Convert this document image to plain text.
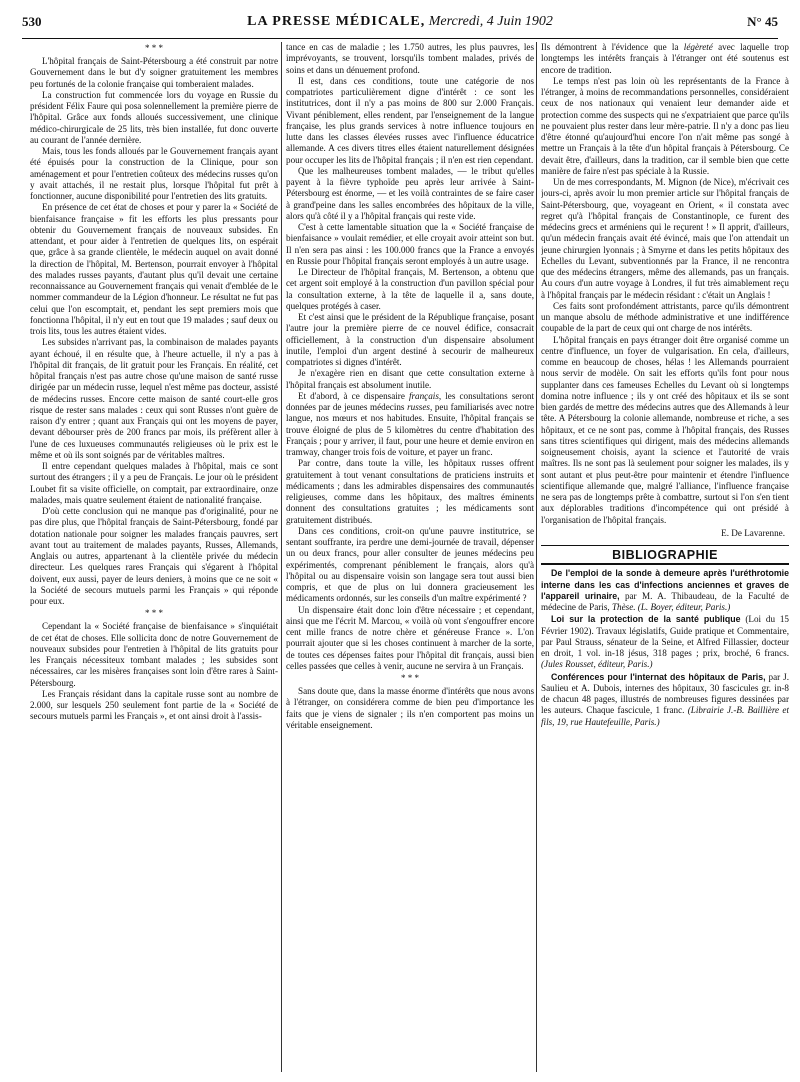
530	LA PRESSE MÉDICALE, Mercredi, 4 Juin 1902	N° 45
* * *

L'hôpital français de Saint-Pétersbourg a été construit par notre Gouvernement dans le but d'y soigner gratuitement les membres peu fortunés de la colonie française qui tomberaient malades.

La construction fut commencée lors du voyage en Russie du président Félix Faure qui posa solennellement la première pierre de l'hôpital. Grâce aux fonds alloués successivement, une clinique médico-chirurgicale de 25 lits, très bien installée, fut donc ouverte au courant de l'année dernière.

Mais, tous les fonds alloués par le Gouvernement français ayant été épuisés pour la construction de la Clinique, pour son aménagement et pour l'entretien coûteux des médecins russes qu'on y avait attachés, il ne restait plus, lorsque l'hôpital fut prêt à fonctionner, aucune disponibilité pour l'entretien des lits gratuits.

En présence de cet état de choses et pour y parer la « Société de bienfaisance française » fit les efforts les plus pressants pour obtenir du Gouvernement français de nouveaux subsides. En attendant, et pour aider à l'entretien de quelques lits, on espérait que, grâce à sa grande clientèle, le médecin auquel on avait donné la direction de l'hôpital, M. Bertenson, pourrait envoyer à l'hôpital des malades russes payants, d'autant plus qu'il devait une certaine reconnaissance au Gouvernement français qui venait d'emblée de le nommer commandeur de la Légion d'honneur. Le résultat ne fut pas celui que l'on escomptait, et, pendant les sept premiers mois que fonctionna l'hôpital, il n'y eut en tout que 19 malades ; sauf deux ou trois lits, tous les autres étaient vides.

Les subsides n'arrivant pas, la combinaison de malades payants ayant échoué, il en résulte que, à l'heure actuelle, il n'y a pas à l'hôpital dit français, de lit gratuit pour les Français. En réalité, cet hôpital français n'est pas autre chose qu'une maison de santé russe dirigée par un médecin russe, lequel n'est même pas docteur, assisté de médecins russes. Encore cette maison de santé court-elle gros risque de rester sans malades : ceux qui sont Russes n'ont guère de raison d'y entrer ; quant aux Français qui ont les moyens de payer, devant débourser près de 200 francs par mois, ils préfèrent aller à l'une de ces luxueuses communautés religieuses où le prix est le même et où ils sont soignés par de véritables maîtres.

Il entre cependant quelques malades à l'hôpital, mais ce sont surtout des étrangers ; il y a peu de Français. Le jour où le président Loubet fit sa visite officielle, on comptait, par extraordinaire, onze malades, mais quatre seulement étaient de nationalité française.

D'où cette conclusion qui ne manque pas d'originalité, pour ne pas dire plus, que l'hôpital français de Saint-Pétersbourg, fondé par dotation nationale pour soigner les malades français pauvres, sert avant tout au traitement de malades payants, Russes, Allemands, Anglais ou autres, appartenant à la clientèle privée du médecin directeur. Les quelques rares Français qui s'égarent à l'hôpital doivent, eux aussi, payer de leurs deniers, à moins que ce ne soit « la Société de secours mutuels parmi les Français » qui réponde pour eux.

* * *

Cependant la « Société française de bienfaisance » s'inquiétait de cet état de choses. Elle sollicita donc de notre Gouvernement de nouveaux subsides pour l'entretien à l'hôpital de lits gratuits pour les Français nécessiteux tombant malades ; les subsides sont nécessaires, car les misères françaises sont loin d'être rares à Saint-Pétersbourg.

Les Français résidant dans la capitale russe sont au nombre de 2.000, sur lesquels 250 seulement font partie de la « Société de secours mutuels parmi les Français », et ont ainsi droit à l'assis-

tance en cas de maladie ; les 1.750 autres, les plus pauvres, les imprévoyants, se trouvent, lorsqu'ils tombent malades, privés de soins et dans un dénuement profond.

Il est, dans ces conditions, toute une catégorie de nos compatriotes particulièrement digne d'intérêt : ce sont les institutrices, dont il n'y a pas moins de 800 sur 2.000 Français. Vivant péniblement, elles rendent, par l'enseignement de la langue française, les plus grands services à notre influence toujours en lutte dans les classes élevées russes avec l'influence éducatrice allemande. A ces divers titres elles étaient naturellement désignées pour occuper les lits de l'hôpital français ; il n'en est rien cependant.

Que les malheureuses tombent malades, — le tribut qu'elles payent à la fièvre typhoïde peu après leur arrivée à Saint-Pétersbourg est énorme, — et les voilà contraintes de se faire caser à grand'peine dans les salles encombrées des hôpitaux de la ville, alors qu'à côté il y a l'hôpital français qui reste vide.

C'est à cette lamentable situation que la « Société française de bienfaisance » voulait remédier, et elle croyait avoir atteint son but. Il n'en sera pas ainsi : les 100.000 francs que la France a envoyés en Russie pour l'hôpital français seront employés à un autre usage.

Le Directeur de l'hôpital français, M. Bertenson, a obtenu que cet argent soit employé à la construction d'un pavillon spécial pour la consultation externe, à la tête de laquelle il a, sans doute, quelques protégés à caser.

Et c'est ainsi que le président de la République française, posant l'autre jour la première pierre de ce nouvel édifice, consacrait officiellement, à la construction d'un dispensaire absolument inutile, l'emploi d'un argent destiné à secourir de malheureux compatriotes si dignes d'intérêt.

Je n'exagère rien en disant que cette consultation externe à l'hôpital français est absolument inutile.

Et d'abord, à ce dispensaire français, les consultations seront données par de jeunes médecins russes, peu familiarisés avec notre langue, nos mœurs et nos habitudes. Ensuite, l'hôpital français se trouve éloigné de plus de 5 kilomètres du centre d'habitation des Français ; pour y arriver, il faut, pour une heure et demie environ en tramway, changer trois fois de voiture, et payer un franc.

Par contre, dans toute la ville, les hôpitaux russes offrent gratuitement à tout venant consultations de praticiens instruits et médicaments ; dans les admirables dispensaires des communautés religieuses, comme dans les hôpitaux, des maîtres éminents donnent des consultations gratuites ; les médicaments sont gratuitement distribués.

Dans ces conditions, croit-on qu'une pauvre institutrice, se sentant souffrante, ira perdre une demi-journée de travail, dépenser un ou deux francs, pour aller consulter de jeunes médecins peu expérimentés, comprenant péniblement le français, alors qu'à l'hôpital ou au dispensaire voisin son langage sera tout aussi bien compris, et que de plus on lui donnera gracieusement les médicaments ordonnés, sur les conseils d'un maître expérimenté ?

Un dispensaire était donc loin d'être nécessaire ; et cependant, ainsi que me l'écrit M. Marcou, « voilà où vont s'engouffrer encore cent mille francs de notre chère et généreuse France ». L'on pourrait ajouter que si les choses continuent à marcher de la sorte, de toutes ces dépenses faites pour l'hôpital dit français, aussi bien celles passées que celles à venir, aucune ne servira à un Français.

* * *

Sans doute que, dans la masse énorme d'intérêts que nous avons à l'étranger, on considérera comme de bien peu d'importance les faits que je viens de signaler ; ils n'en comportent pas moins un véritable enseignement.

Ils démontrent à l'évidence que la légèreté avec laquelle trop longtemps les intérêts français à l'étranger ont été soutenus est encore de tradition.

Le temps n'est pas loin où les représentants de la France à l'étranger, à moins de recommandations personnelles, considéraient ceux de nos nationaux qui venaient leur demander aide et protection comme des suspects qui ne s'expatriaient que parce qu'ils ne pouvaient plus rester dans leur mère-patrie. Il n'y a donc pas lieu d'être étonné qu'aujourd'hui encore l'on n'ait même pas songé à mettre un Français à la tête d'un hôpital français à Pétersbourg. Ce devait être, d'ailleurs, dans la tradition, car il semble bien que cette manière de faire n'est pas spéciale à la Russie.

Un de mes correspondants, M. Mignon (de Nice), m'écrivait ces jours-ci, après avoir lu mon premier article sur l'hôpital français de Saint-Pétersbourg, que, voyageant en Orient, « il constata avec regret qu'à l'hôpital français de Constantinople, ce furent des médecins grecs et arméniens qui le reçurent ! » Il apprit, d'ailleurs, qu'un médecin français avait été évincé, mais que l'on attendait un jeune chirurgien lyonnais ; à Smyrne et dans les petits hôpitaux des Echelles du Levant, subventionnés par la France, il ne rencontra que des médecins étrangers, même des allemands, pas un français. Au cours d'un autre voyage à Londres, il fut très aimablement reçu à l'hôpital français par le médecin résidant : c'était un Anglais !

Ces faits sont profondément attristants, parce qu'ils démontrent un manque absolu de méthode administrative et une indifférence coupable de la part de ceux qui ont charge de nos intérêts.

L'hôpital français en pays étranger doit être organisé comme un centre d'influence, un foyer de vulgarisation. En cela, d'ailleurs, comme en beaucoup de choses, hélas ! les Allemands pourraient nous servir de modèle. On sait les efforts qu'ils font pour nous supplanter dans ces fameuses Echelles du Levant où si longtemps domina notre influence ; ils y ont créé des hôpitaux et ils se sont bien gardés de mettre des médecins autres que des Allemands à leur tête. A Pétersbourg la colonie allemande, nombreuse et riche, a ses hôpitaux, et ce ne sont pas, comme à l'hôpital français, des Russes sans titres scientifiques qui dirigent, mais des médecins allemands soigneusement choisis, ayant la science et l'autorité de vrais maîtres. Ils ne sont pas là seulement pour soigner les malades, ils y sont autant et plus peut-être pour maintenir et étendre l'influence scientifique allemande que, malgré l'alliance, l'influence française ne sera pas de longtemps prête à combattre, surtout si l'on s'en tient aux déplorables traditions d'incompétence qui ont présidé à l'organisation de l'hôpital français.

E. De Lavarenne.
BIBLIOGRAPHIE

De l'emploi de la sonde à demeure après l'uréthrotomie interne dans les cas d'infections anciennes et graves de l'appareil urinaire, par M. A. Thibaudeau, de la Faculté de médecine de Paris, Thèse. (L. Boyer, éditeur, Paris.)

Loi sur la protection de la santé publique (Loi du 15 Février 1902). Travaux législatifs, Guide pratique et Commentaire, par Paul Strauss, sénateur de la Seine, et Alfred Fillassier, docteur en droit, 1 vol. in-18 jésus, 318 pages ; prix, broché, 6 francs. (Jules Rousset, éditeur, Paris.)

Conférences pour l'internat des hôpitaux de Paris, par J. Saulieu et A. Dubois, internes des hôpitaux, 30 fascicules gr. in-8 de chacun 48 pages, illustrés de nombreuses figures dessinées par les auteurs. Chaque fascicule, 1 franc. (Librairie J.-B. Baillière et fils, 19, rue Hautefeuille, Paris.)
